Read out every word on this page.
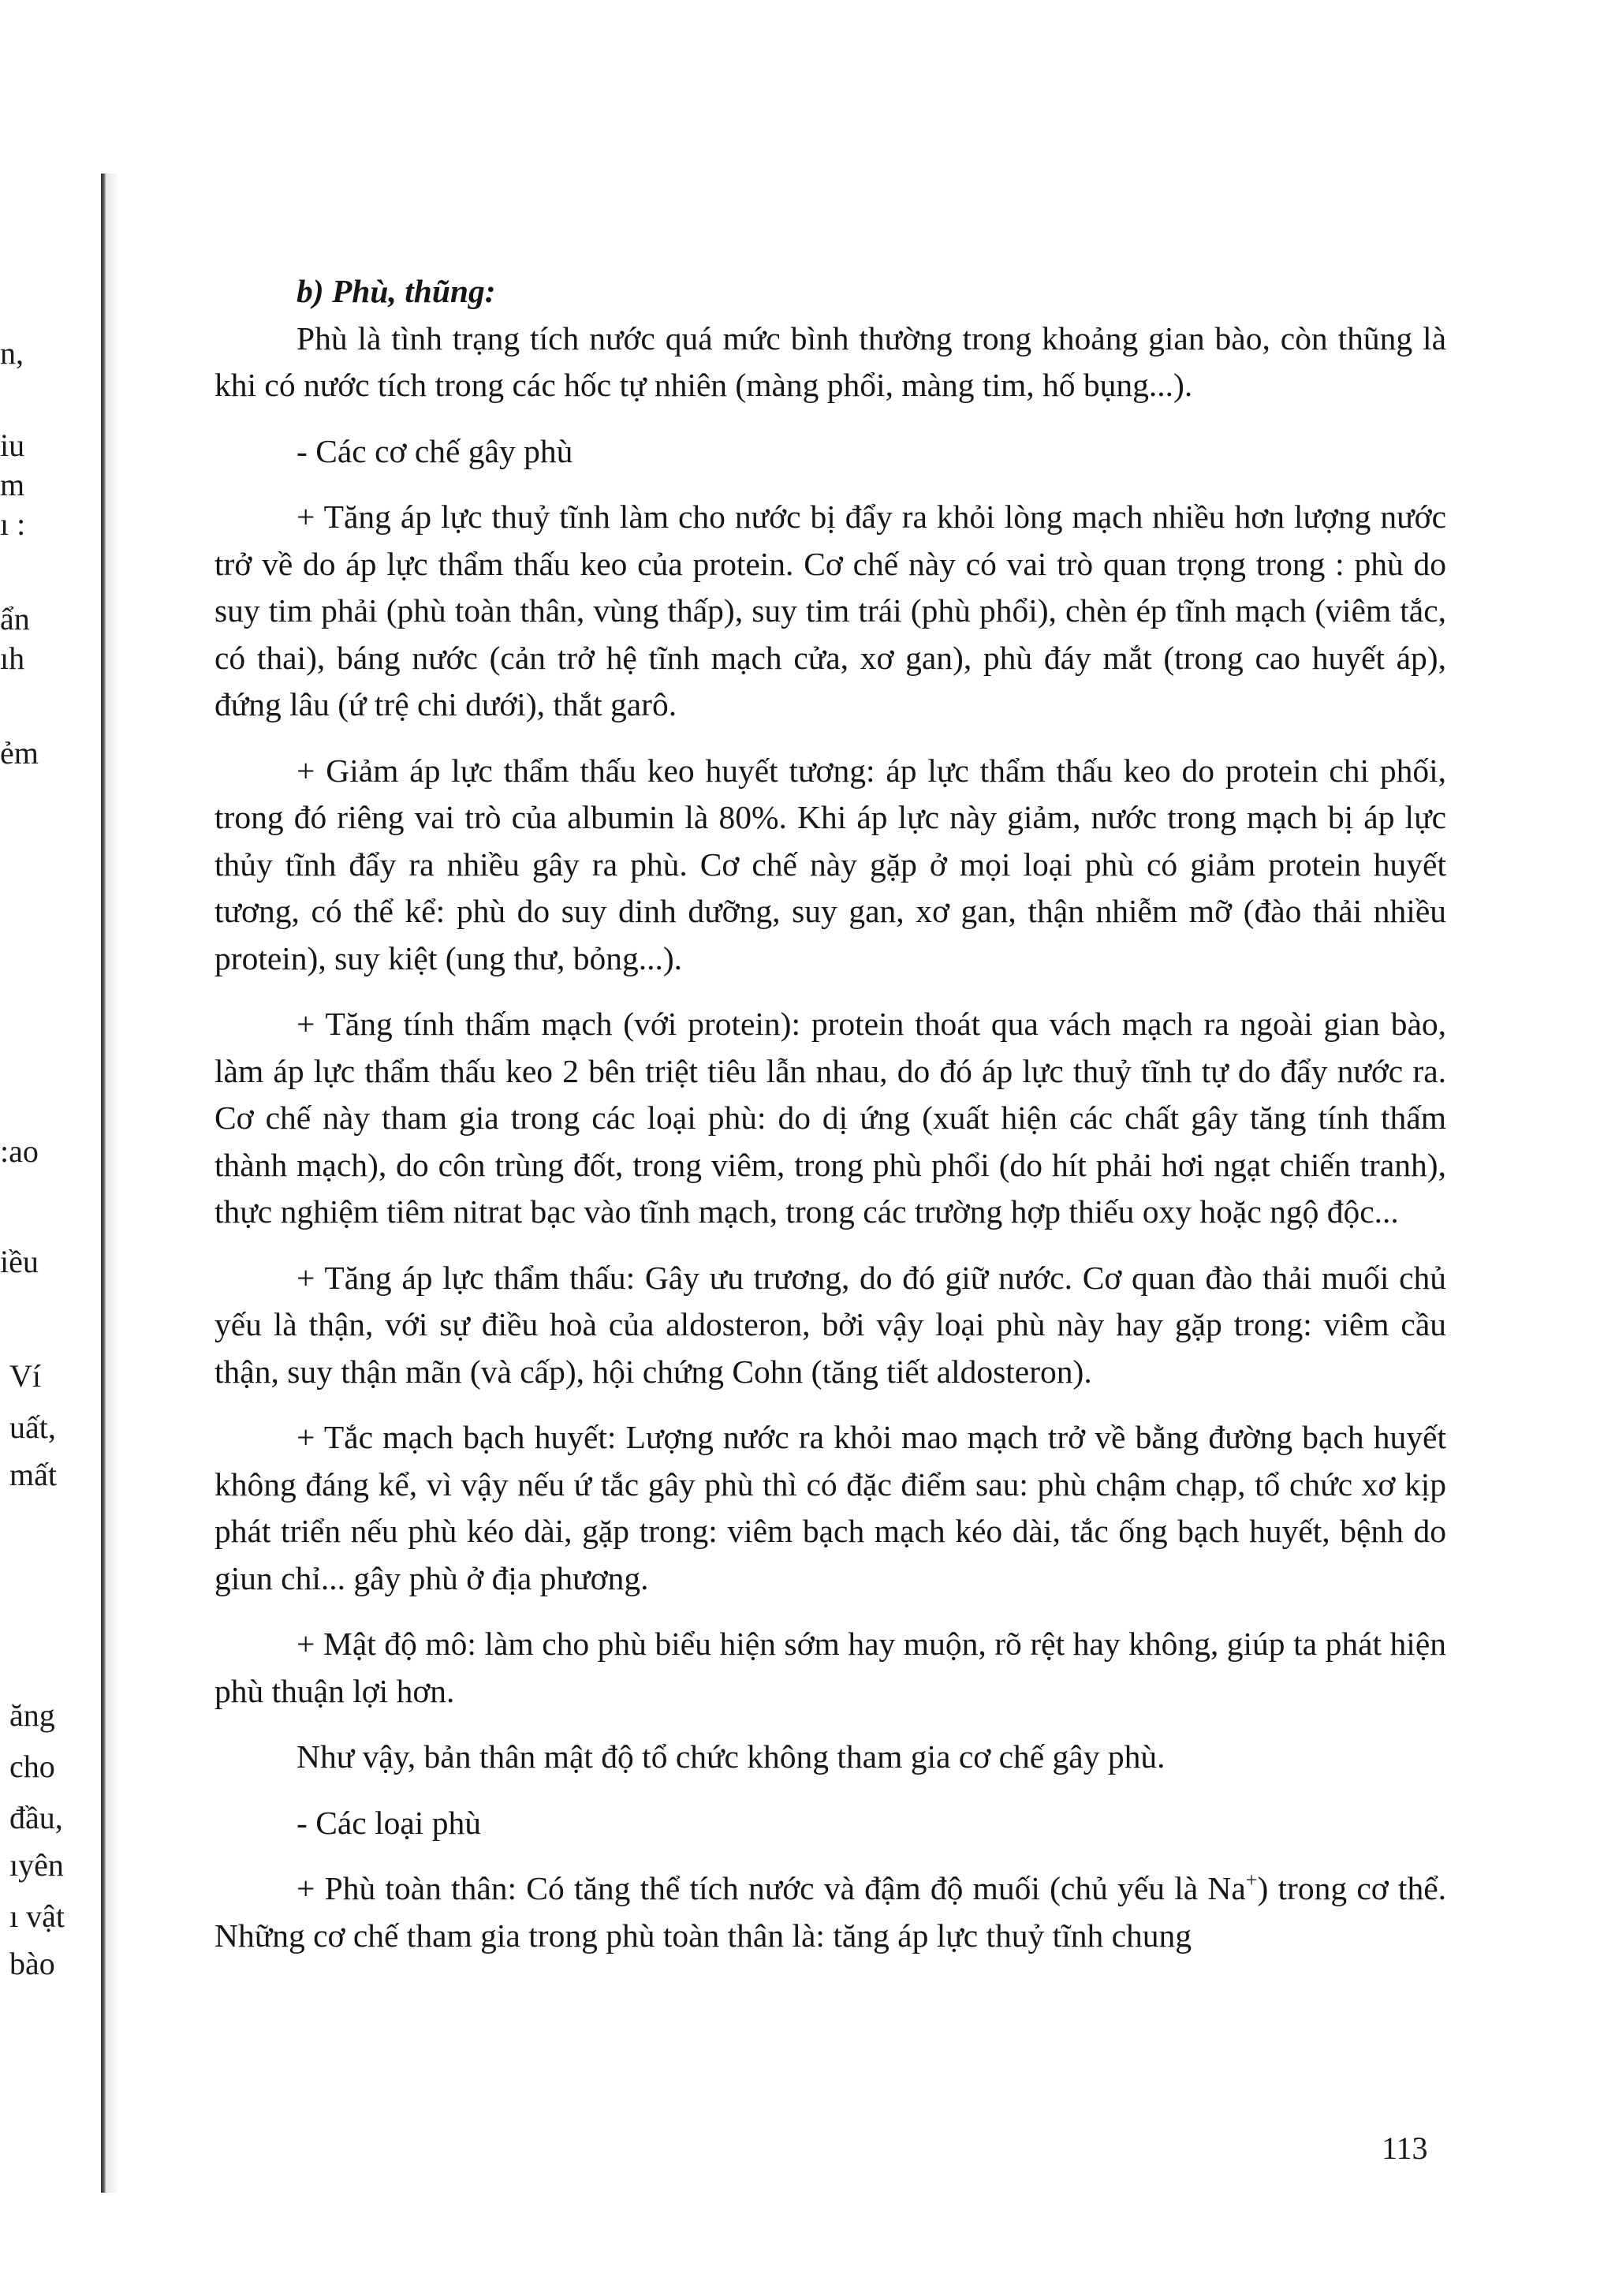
n,
iu
m
ı :
ẩn
ıh
ẻm
:ao
iều
Ví
uất,
mất
ăng
cho
đầu,
ıyên
ı vật
bào

b) Phù, thũng:

Phù là tình trạng tích nước quá mức bình thường trong khoảng gian bào, còn thũng là khi có nước tích trong các hốc tự nhiên (màng phổi, màng tim, hố bụng...).

- Các cơ chế gây phù

+ Tăng áp lực thuỷ tĩnh làm cho nước bị đẩy ra khỏi lòng mạch nhiều hơn lượng nước trở về do áp lực thẩm thấu keo của protein. Cơ chế này có vai trò quan trọng trong : phù do suy tim phải (phù toàn thân, vùng thấp), suy tim trái (phù phổi), chèn ép tĩnh mạch (viêm tắc, có thai), báng nước (cản trở hệ tĩnh mạch cửa, xơ gan), phù đáy mắt (trong cao huyết áp), đứng lâu (ứ trệ chi dưới), thắt garô.

+ Giảm áp lực thẩm thấu keo huyết tương: áp lực thẩm thấu keo do protein chi phối, trong đó riêng vai trò của albumin là 80%. Khi áp lực này giảm, nước trong mạch bị áp lực thủy tĩnh đẩy ra nhiều gây ra phù. Cơ chế này gặp ở mọi loại phù có giảm protein huyết tương, có thể kể: phù do suy dinh dưỡng, suy gan, xơ gan, thận nhiễm mỡ (đào thải nhiều protein), suy kiệt (ung thư, bỏng...).

+ Tăng tính thấm mạch (với protein): protein thoát qua vách mạch ra ngoài gian bào, làm áp lực thẩm thấu keo 2 bên triệt tiêu lẫn nhau, do đó áp lực thuỷ tĩnh tự do đẩy nước ra. Cơ chế này tham gia trong các loại phù: do dị ứng (xuất hiện các chất gây tăng tính thấm thành mạch), do côn trùng đốt, trong viêm, trong phù phổi (do hít phải hơi ngạt chiến tranh), thực nghiệm tiêm nitrat bạc vào tĩnh mạch, trong các trường hợp thiếu oxy hoặc ngộ độc...

+ Tăng áp lực thẩm thấu: Gây ưu trương, do đó giữ nước. Cơ quan đào thải muối chủ yếu là thận, với sự điều hoà của aldosteron, bởi vậy loại phù này hay gặp trong: viêm cầu thận, suy thận mãn (và cấp), hội chứng Cohn (tăng tiết aldosteron).

+ Tắc mạch bạch huyết: Lượng nước ra khỏi mao mạch trở về bằng đường bạch huyết không đáng kể, vì vậy nếu ứ tắc gây phù thì có đặc điểm sau: phù chậm chạp, tổ chức xơ kịp phát triển nếu phù kéo dài, gặp trong: viêm bạch mạch kéo dài, tắc ống bạch huyết, bệnh do giun chỉ... gây phù ở địa phương.

+ Mật độ mô: làm cho phù biểu hiện sớm hay muộn, rõ rệt hay không, giúp ta phát hiện phù thuận lợi hơn.

Như vậy, bản thân mật độ tổ chức không tham gia cơ chế gây phù.

- Các loại phù

+ Phù toàn thân: Có tăng thể tích nước và đậm độ muối (chủ yếu là Na+) trong cơ thể. Những cơ chế tham gia trong phù toàn thân là: tăng áp lực thuỷ tĩnh chung

113
